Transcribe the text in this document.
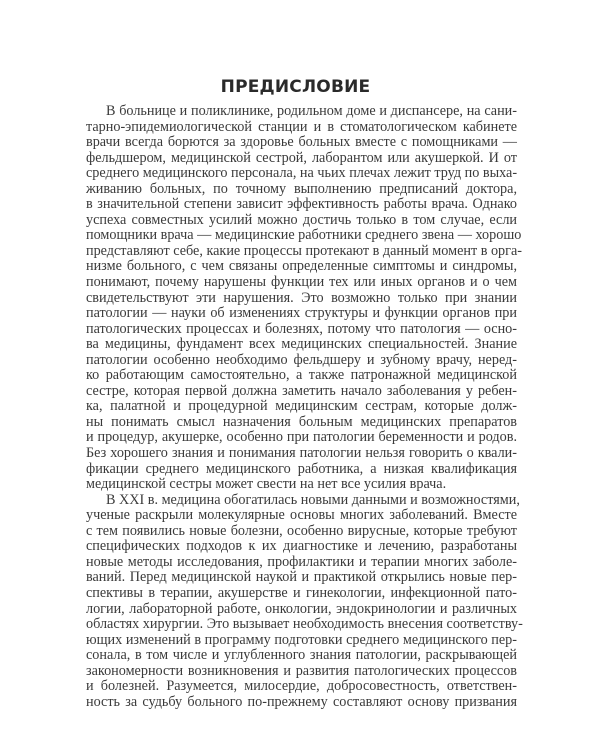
ПРЕДИСЛОВИЕ
В больнице и поликлинике, родильном доме и диспансере, на сани-
тарно-эпидемиологической станции и в стоматологическом кабинете
врачи всегда борются за здоровье больных вместе с помощниками —
фельдшером, медицинской сестрой, лаборантом или акушеркой. И от
среднего медицинского персонала, на чьих плечах лежит труд по выха-
живанию больных, по точному выполнению предписаний доктора,
в значительной степени зависит эффективность работы врача. Однако
успеха совместных усилий можно достичь только в том случае, если
помощники врача — медицинские работники среднего звена — хорошо
представляют себе, какие процессы протекают в данный момент в орга-
низме больного, с чем связаны определенные симптомы и синдромы,
понимают, почему нарушены функции тех или иных органов и о чем
свидетельствуют эти нарушения. Это возможно только при знании
патологии — науки об изменениях структуры и функции органов при
патологических процессах и болезнях, потому что патология — осно-
ва медицины, фундамент всех медицинских специальностей. Знание
патологии особенно необходимо фельдшеру и зубному врачу, неред-
ко работающим самостоятельно, а также патронажной медицинской
сестре, которая первой должна заметить начало заболевания у ребен-
ка, палатной и процедурной медицинским сестрам, которые долж-
ны понимать смысл назначения больным медицинских препаратов
и процедур, акушерке, особенно при патологии беременности и родов.
Без хорошего знания и понимания патологии нельзя говорить о квали-
фикации среднего медицинского работника, а низкая квалификация
медицинской сестры может свести на нет все усилия врача.
В XXI в. медицина обогатилась новыми данными и возможностями,
ученые раскрыли молекулярные основы многих заболеваний. Вместе
с тем появились новые болезни, особенно вирусные, которые требуют
специфических подходов к их диагностике и лечению, разработаны
новые методы исследования, профилактики и терапии многих заболе-
ваний. Перед медицинской наукой и практикой открылись новые пер-
спективы в терапии, акушерстве и гинекологии, инфекционной пато-
логии, лабораторной работе, онкологии, эндокринологии и различных
областях хирургии. Это вызывает необходимость внесения соответству-
ющих изменений в программу подготовки среднего медицинского пер-
сонала, в том числе и углубленного знания патологии, раскрывающей
закономерности возникновения и развития патологических процессов
и болезней. Разумеется, милосердие, добросовестность, ответствен-
ность за судьбу больного по-прежнему составляют основу призвания
